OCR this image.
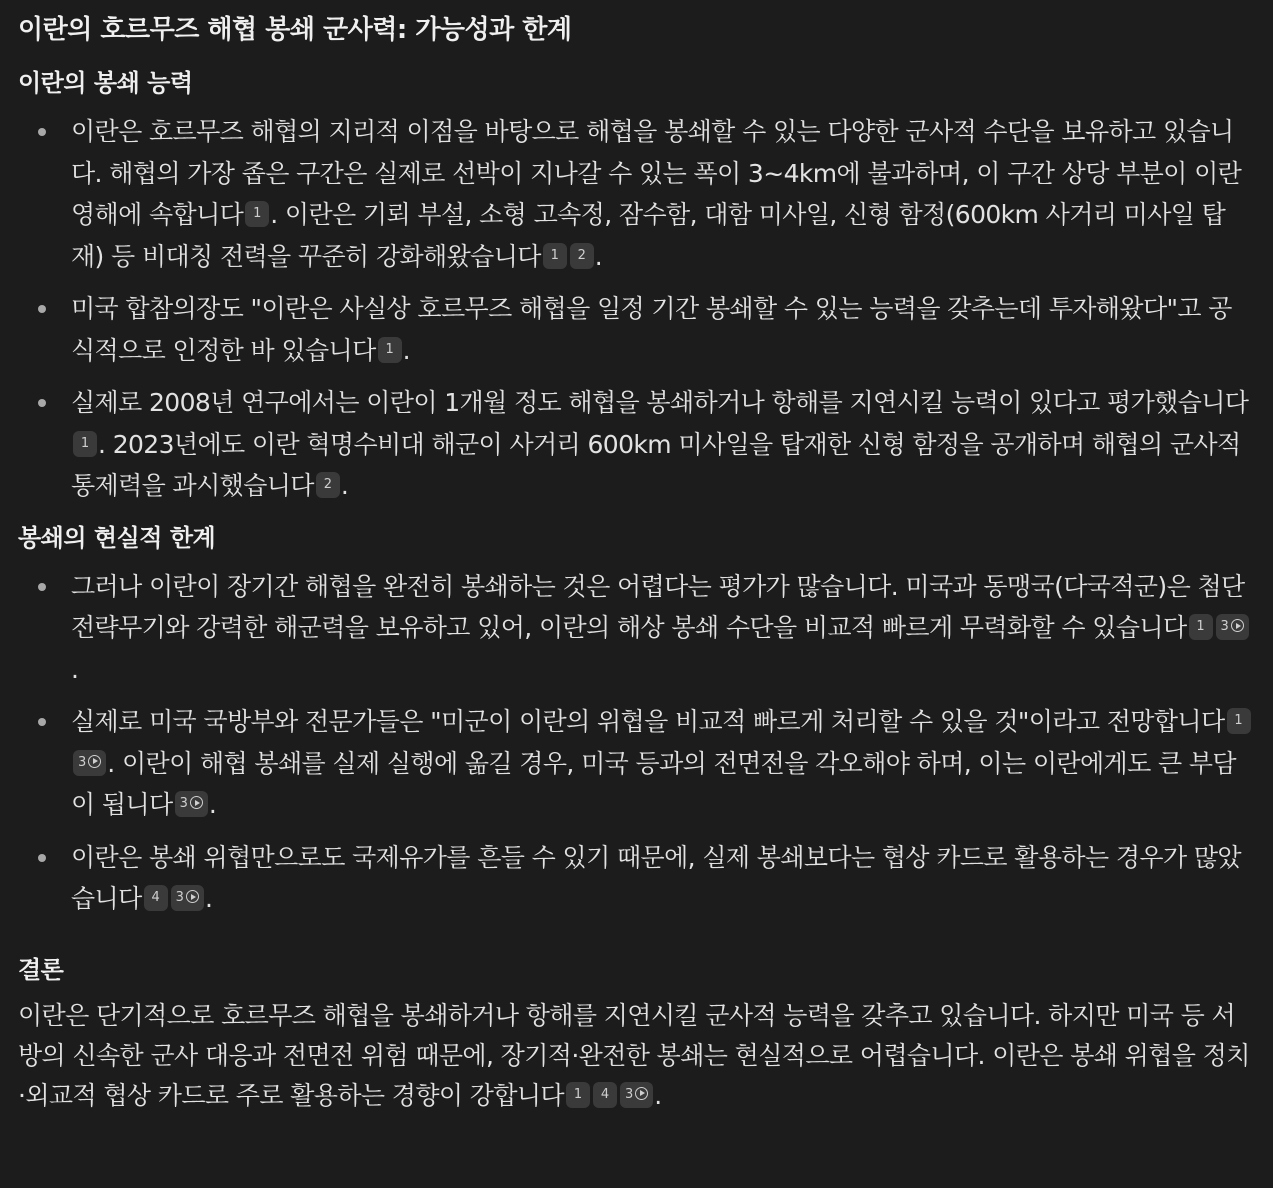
이란의 호르무즈 해협 봉쇄 군사력: 가능성과 한계
이란의 봉쇄 능력
이란은 호르무즈 해협의 지리적 이점을 바탕으로 해협을 봉쇄할 수 있는 다양한 군사적 수단을 보유하고 있습니다. 해협의 가장 좁은 구간은 실제로 선박이 지나갈 수 있는 폭이 3~4km에 불과하며, 이 구간 상당 부분이 이란 영해에 속합니다 1 . 이란은 기뢰 부설, 소형 고속정, 잠수함, 대함 미사일, 신형 함정(600km 사거리 미사일 탑재) 등 비대칭 전력을 꾸준히 강화해왔습니다 1 2 .
미국 합참의장도 "이란은 사실상 호르무즈 해협을 일정 기간 봉쇄할 수 있는 능력을 갖추는데 투자해왔다"고 공식적으로 인정한 바 있습니다 1 .
실제로 2008년 연구에서는 이란이 1개월 정도 해협을 봉쇄하거나 항해를 지연시킬 능력이 있다고 평가했습니다1 . 2023년에도 이란 혁명수비대 해군이 사거리 600km 미사일을 탑재한 신형 함정을 공개하며 해협의 군사적 통제력을 과시했습니다 2 .
봉쇄의 현실적 한계
그러나 이란이 장기간 해협을 완전히 봉쇄하는 것은 어렵다는 평가가 많습니다. 미국과 동맹국(다국적군)은 첨단 전략무기와 강력한 해군력을 보유하고 있어, 이란의 해상 봉쇄 수단을 비교적 빠르게 무력화할 수 있습니다 1 3.
실제로 미국 국방부와 전문가들은 "미군이 이란의 위협을 비교적 빠르게 처리할 수 있을 것"이라고 전망합니다 13 . 이란이 해협 봉쇄를 실제 실행에 옮길 경우, 미국 등과의 전면전을 각오해야 하며, 이는 이란에게도 큰 부담이 됩니다 3 .
이란은 봉쇄 위협만으로도 국제유가를 흔들 수 있기 때문에, 실제 봉쇄보다는 협상 카드로 활용하는 경우가 많았습니다 4 3 .
결론

이란은 단기적으로 호르무즈 해협을 봉쇄하거나 항해를 지연시킬 군사적 능력을 갖추고 있습니다. 하지만 미국 등 서방의 신속한 군사 대응과 전면전 위험 때문에, 장기적·완전한 봉쇄는 현실적으로 어렵습니다. 이란은 봉쇄 위협을 정치·외교적 협상 카드로 주로 활용하는 경향이 강합니다 1 4 3 .
